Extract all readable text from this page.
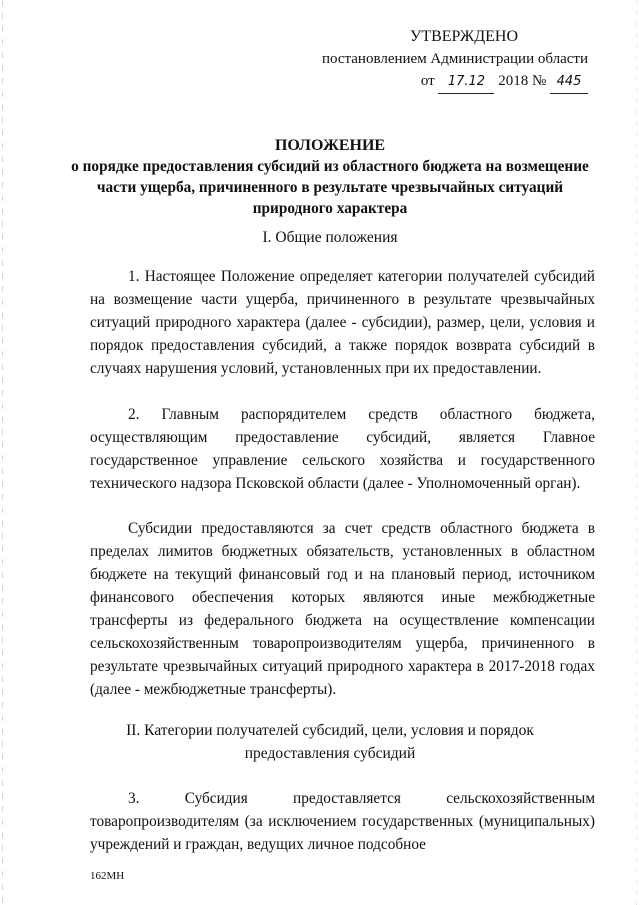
УТВЕРЖДЕНО
постановлением Администрации области
от 17.12 2018 № 445
ПОЛОЖЕНИЕ
о порядке предоставления субсидий из областного бюджета на возмещение части ущерба, причиненного в результате чрезвычайных ситуаций природного характера
I. Общие положения
1. Настоящее Положение определяет категории получателей субсидий на возмещение части ущерба, причиненного в результате чрезвычайных ситуаций природного характера (далее - субсидии), размер, цели, условия и порядок предоставления субсидий, а также порядок возврата субсидий в случаях нарушения условий, установленных при их предоставлении.
2. Главным распорядителем средств областного бюджета, осуществляющим предоставление субсидий, является Главное государственное управление сельского хозяйства и государственного технического надзора Псковской области (далее - Уполномоченный орган).
Субсидии предоставляются за счет средств областного бюджета в пределах лимитов бюджетных обязательств, установленных в областном бюджете на текущий финансовый год и на плановый период, источником финансового обеспечения которых являются иные межбюджетные трансферты из федерального бюджета на осуществление компенсации сельскохозяйственным товаропроизводителям ущерба, причиненного в результате чрезвычайных ситуаций природного характера в 2017-2018 годах (далее - межбюджетные трансферты).
II. Категории получателей субсидий, цели, условия и порядок
предоставления субсидий
3. Субсидия предоставляется сельскохозяйственным товаропроизводителям (за исключением государственных (муниципальных) учреждений и граждан, ведущих личное подсобное
162МН
